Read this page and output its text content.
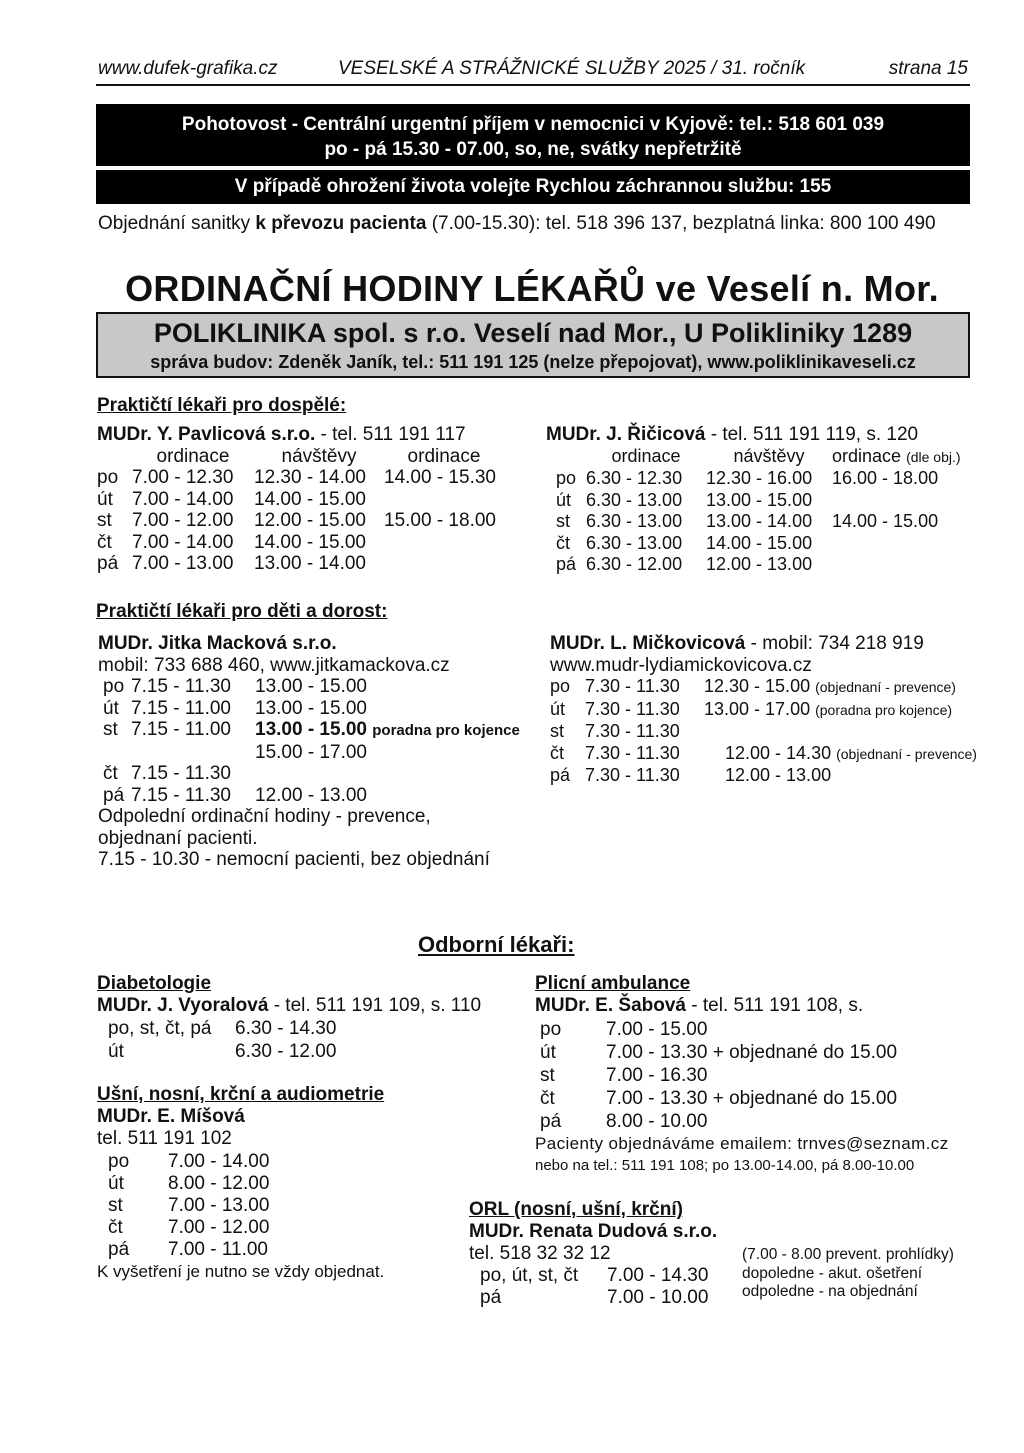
www.dufek-grafika.cz	VESELSKÉ A STRÁŽNICKÉ SLUŽBY 2025 / 31. ročník	strana 15
Pohotovost - Centrální urgentní příjem v nemocnici v Kyjově: tel.: 518 601 039
po - pá 15.30 - 07.00, so, ne, svátky nepřetržitě
V případě ohrožení života volejte Rychlou záchrannou službu: 155
Objednání sanitky k převozu pacienta (7.00-15.30): tel. 518 396 137, bezplatná linka: 800 100 490
ORDINAČNÍ HODINY LÉKAŘŮ ve Veselí n. Mor.
POLIKLINIKA spol. s r.o. Veselí nad Mor., U Polikliniky 1289
správa budov: Zdeněk Janík, tel.: 511 191 125 (nelze přepojovat), www.poliklinikaveseli.cz
Praktičtí lékaři pro dospělé:
MUDr. Y. Pavlicová s.r.o. - tel. 511 191 117
	ordinace	návštěvy	ordinace
po	7.00 - 12.30	12.30 - 14.00	14.00 - 15.30
út	7.00 - 14.00	14.00 - 15.00	
st	7.00 - 12.00	12.00 - 15.00	15.00 - 18.00
čt	7.00 - 14.00	14.00 - 15.00	
pá	7.00 - 13.00	13.00 - 14.00	
MUDr. J. Řičicová - tel. 511 191 119, s. 120
	ordinace	návštěvy	ordinace (dle obj.)
po	6.30 - 12.30	12.30 - 16.00	16.00 - 18.00
út	6.30 - 13.00	13.00 - 15.00	
st	6.30 - 13.00	13.00 - 14.00	14.00 - 15.00
čt	6.30 - 13.00	14.00 - 15.00	
pá	6.30 - 12.00	12.00 - 13.00	
Praktičtí lékaři pro děti a dorost:
MUDr. Jitka Macková s.r.o.
mobil: 733 688 460, www.jitkamackova.cz
po	7.15 - 11.30	13.00 - 15.00
út	7.15 - 11.00	13.00 - 15.00
st	7.15 - 11.00	13.00 - 15.00 poradna pro kojence
		15.00 - 17.00
čt	7.15 - 11.30	
pá	7.15 - 11.30	12.00 - 13.00
Odpolední ordinační hodiny - prevence,
objednaní pacienti.
7.15 - 10.30 - nemocní pacienti, bez objednání
MUDr. L. Mičkovicová - mobil: 734 218 919
www.mudr-lydiamickovicova.cz
po	7.30 - 11.30	12.30 - 15.00 (objednaní - prevence)
út	7.30 - 11.30	13.00 - 17.00 (poradna pro kojence)
st	7.30 - 11.30	
čt	7.30 - 11.30	12.00 - 14.30 (objednaní - prevence)
pá	7.30 - 11.30	12.00 - 13.00
Odborní lékaři:
Diabetologie
MUDr. J. Vyoralová - tel. 511 191 109, s. 110
po, st, čt, pá	6.30 - 14.30
út	6.30 - 12.00
Ušní, nosní, krční a audiometrie
MUDr. E. Míšová
tel. 511 191 102
po	7.00 - 14.00
út	8.00 - 12.00
st	7.00 - 13.00
čt	7.00 - 12.00
pá	7.00 - 11.00
K vyšetření je nutno se vždy objednat.
Plicní ambulance
MUDr. E. Šabová - tel. 511 191 108, s.
po	7.00 - 15.00
út	7.00 - 13.30 + objednané do 15.00
st	7.00 - 16.30
čt	7.00 - 13.30 + objednané do 15.00
pá	8.00 - 10.00
Pacienty objednáváme emailem: trnves@seznam.cz
nebo na tel.: 511 191 108; po 13.00-14.00, pá 8.00-10.00
ORL (nosní, ušní, krční)
MUDr. Renata Dudová s.r.o.
tel. 518 32 32 12
po, út, st, čt	7.00 - 14.30
pá	7.00 - 10.00
(7.00 - 8.00 prevent. prohlídky)
dopoledne - akut. ošetření
odpoledne - na objednání
